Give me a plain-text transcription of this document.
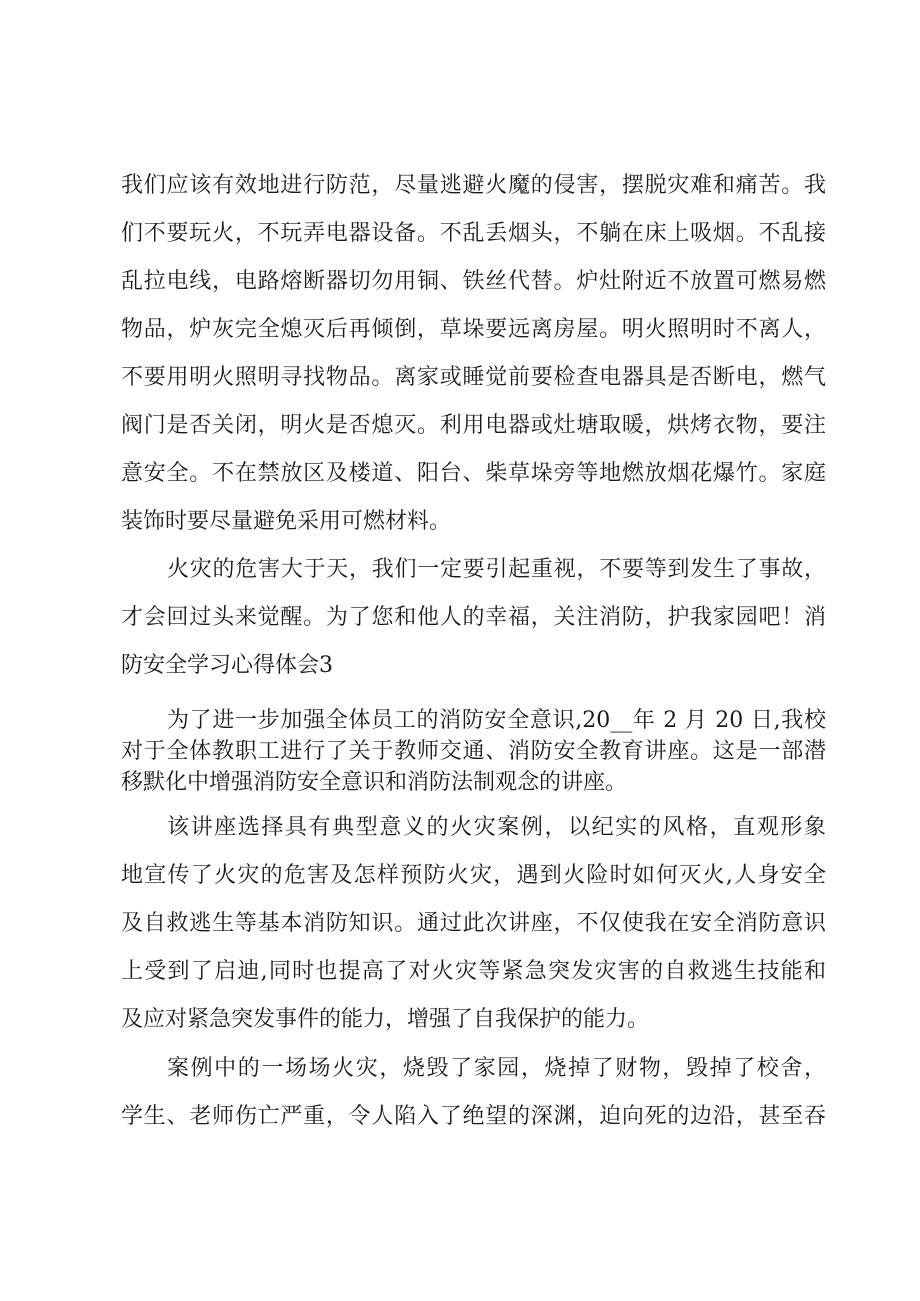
我们应该有效地进行防范，尽量逃避火魔的侵害，摆脱灾难和痛苦。我

们不要玩火，不玩弄电器设备。不乱丢烟头，不躺在床上吸烟。不乱接

乱拉电线，电路熔断器切勿用铜、铁丝代替。炉灶附近不放置可燃易燃

物品，炉灰完全熄灭后再倾倒，草垛要远离房屋。明火照明时不离人，

不要用明火照明寻找物品。离家或睡觉前要检查电器具是否断电，燃气

阀门是否关闭，明火是否熄灭。利用电器或灶塘取暖，烘烤衣物，要注

意安全。不在禁放区及楼道、阳台、柴草垛旁等地燃放烟花爆竹。家庭

装饰时要尽量避免采用可燃材料。

火灾的危害大于天，我们一定要引起重视，不要等到发生了事故，

才会回过头来觉醒。为了您和他人的幸福，关注消防，护我家园吧！消

防安全学习心得体会3

为了进一步加强全体员工的消防安全意识,20__年 2 月 20 日,我校

对于全体教职工进行了关于教师交通、消防安全教育讲座。这是一部潜

移默化中增强消防安全意识和消防法制观念的讲座。

该讲座选择具有典型意义的火灾案例，以纪实的风格，直观形象

地宣传了火灾的危害及怎样预防火灾，遇到火险时如何灭火,人身安全

及自救逃生等基本消防知识。通过此次讲座，不仅使我在安全消防意识

上受到了启迪,同时也提高了对火灾等紧急突发灾害的自救逃生技能和

及应对紧急突发事件的能力，增强了自我保护的能力。

案例中的一场场火灾，烧毁了家园，烧掉了财物，毁掉了校舍，

学生、老师伤亡严重，令人陷入了绝望的深渊，迫向死的边沿，甚至吞
